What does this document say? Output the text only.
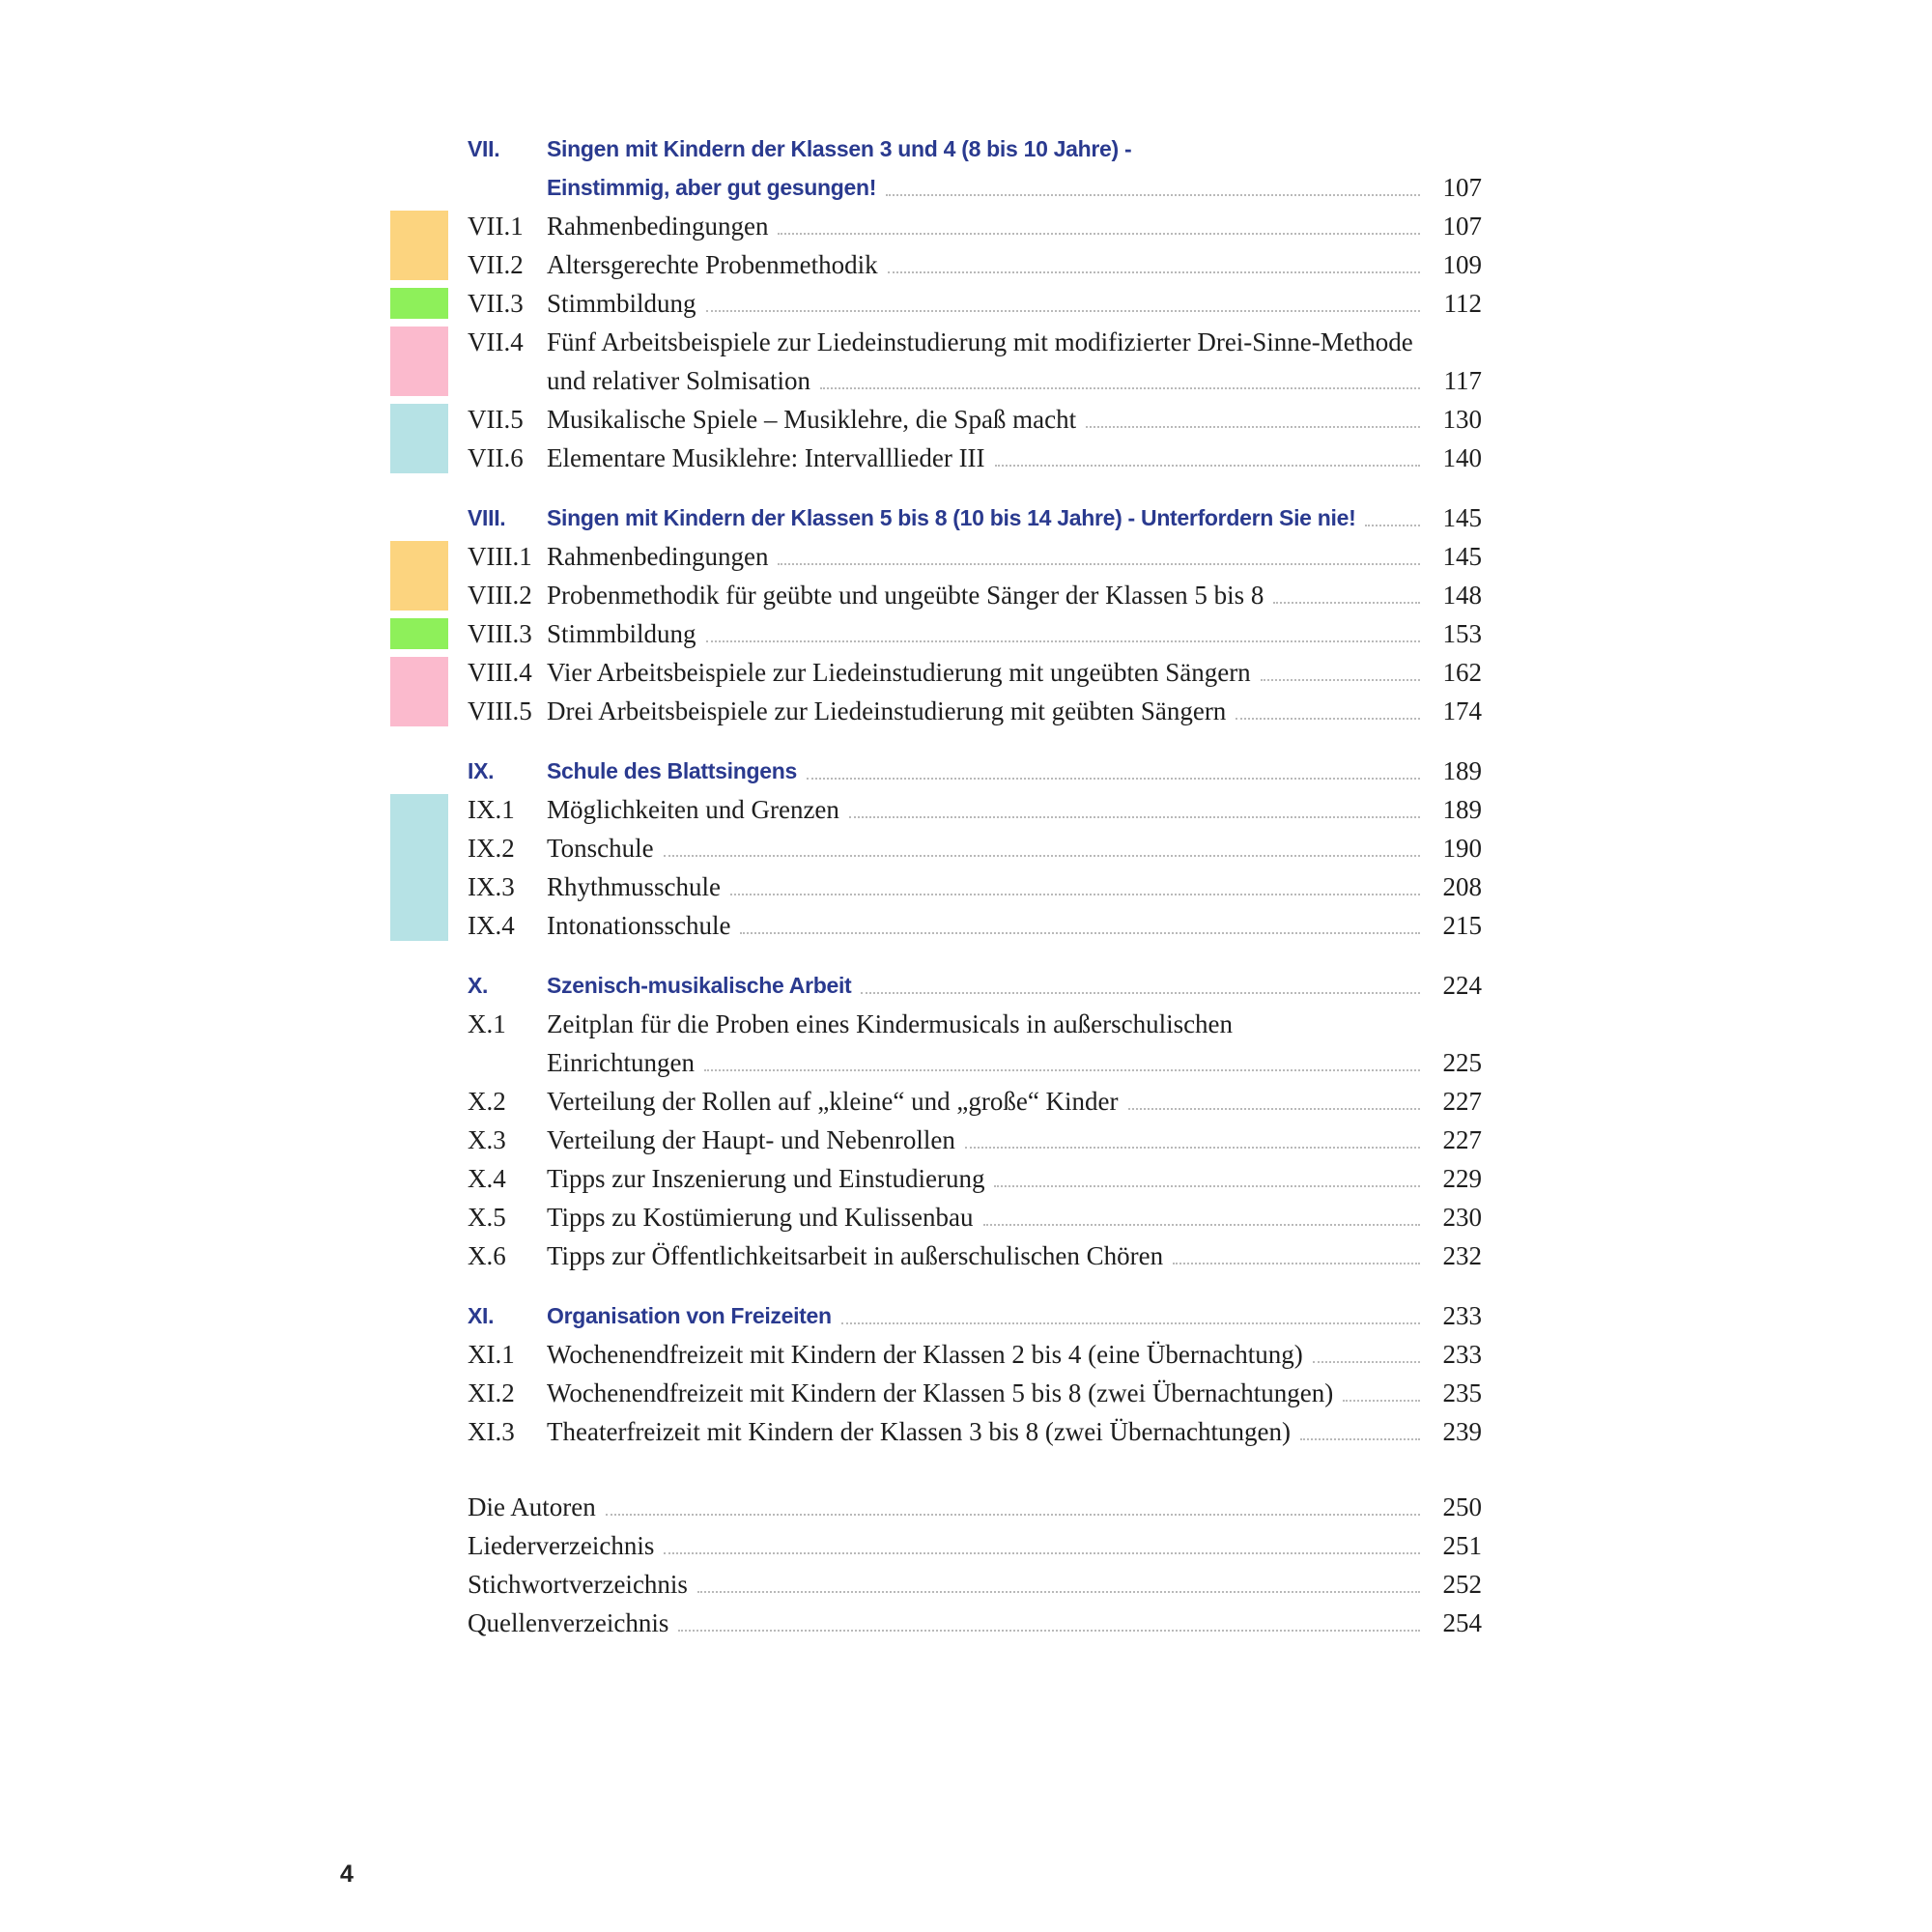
VII. Singen mit Kindern der Klassen 3 und 4 (8 bis 10 Jahre) -
Einstimmig, aber gut gesungen!	107
VII.1 Rahmenbedingungen	107
VII.2 Altersgerechte Probenmethodik	109
VII.3 Stimmbildung	112
VII.4 Fünf Arbeitsbeispiele zur Liedeinstudierung mit modifizierter Drei-Sinne-Methode
und relativer Solmisation	117
VII.5 Musikalische Spiele – Musiklehre, die Spaß macht	130
VII.6 Elementare Musiklehre: Intervalllieder III	140
VIII. Singen mit Kindern der Klassen 5 bis 8 (10 bis 14 Jahre) - Unterfordern Sie nie!	145
VIII.1 Rahmenbedingungen	145
VIII.2 Probenmethodik für geübte und ungeübte Sänger der Klassen 5 bis 8	148
VIII.3 Stimmbildung	153
VIII.4 Vier Arbeitsbeispiele zur Liedeinstudierung mit ungeübten Sängern	162
VIII.5 Drei Arbeitsbeispiele zur Liedeinstudierung mit geübten Sängern	174
IX. Schule des Blattsingens	189
IX.1 Möglichkeiten und Grenzen	189
IX.2 Tonschule	190
IX.3 Rhythmusschule	208
IX.4 Intonationsschule	215
X.	Szenisch-musikalische Arbeit	224
X.1 Zeitplan für die Proben eines Kindermusicals in außerschulischen
Einrichtungen	225
X.2 Verteilung der Rollen auf „kleine“ und „große“ Kinder	227
X.3 Verteilung der Haupt- und Nebenrollen	227
X.4 Tipps zur Inszenierung und Einstudierung	229
X.5 Tipps zu Kostümierung und Kulissenbau	230
X.6 Tipps zur Öffentlichkeitsarbeit in außerschulischen Chören	232
XI. Organisation von Freizeiten	233
XI.1 Wochenendfreizeit mit Kindern der Klassen 2 bis 4 (eine Übernachtung)	233
XI.2 Wochenendfreizeit mit Kindern der Klassen 5 bis 8 (zwei Übernachtungen)	235
XI.3 Theaterfreizeit mit Kindern der Klassen 3 bis 8 (zwei Übernachtungen)	239
Die Autoren	250
Liederverzeichnis	251
Stichwortverzeichnis	252
Quellenverzeichnis	254
4
